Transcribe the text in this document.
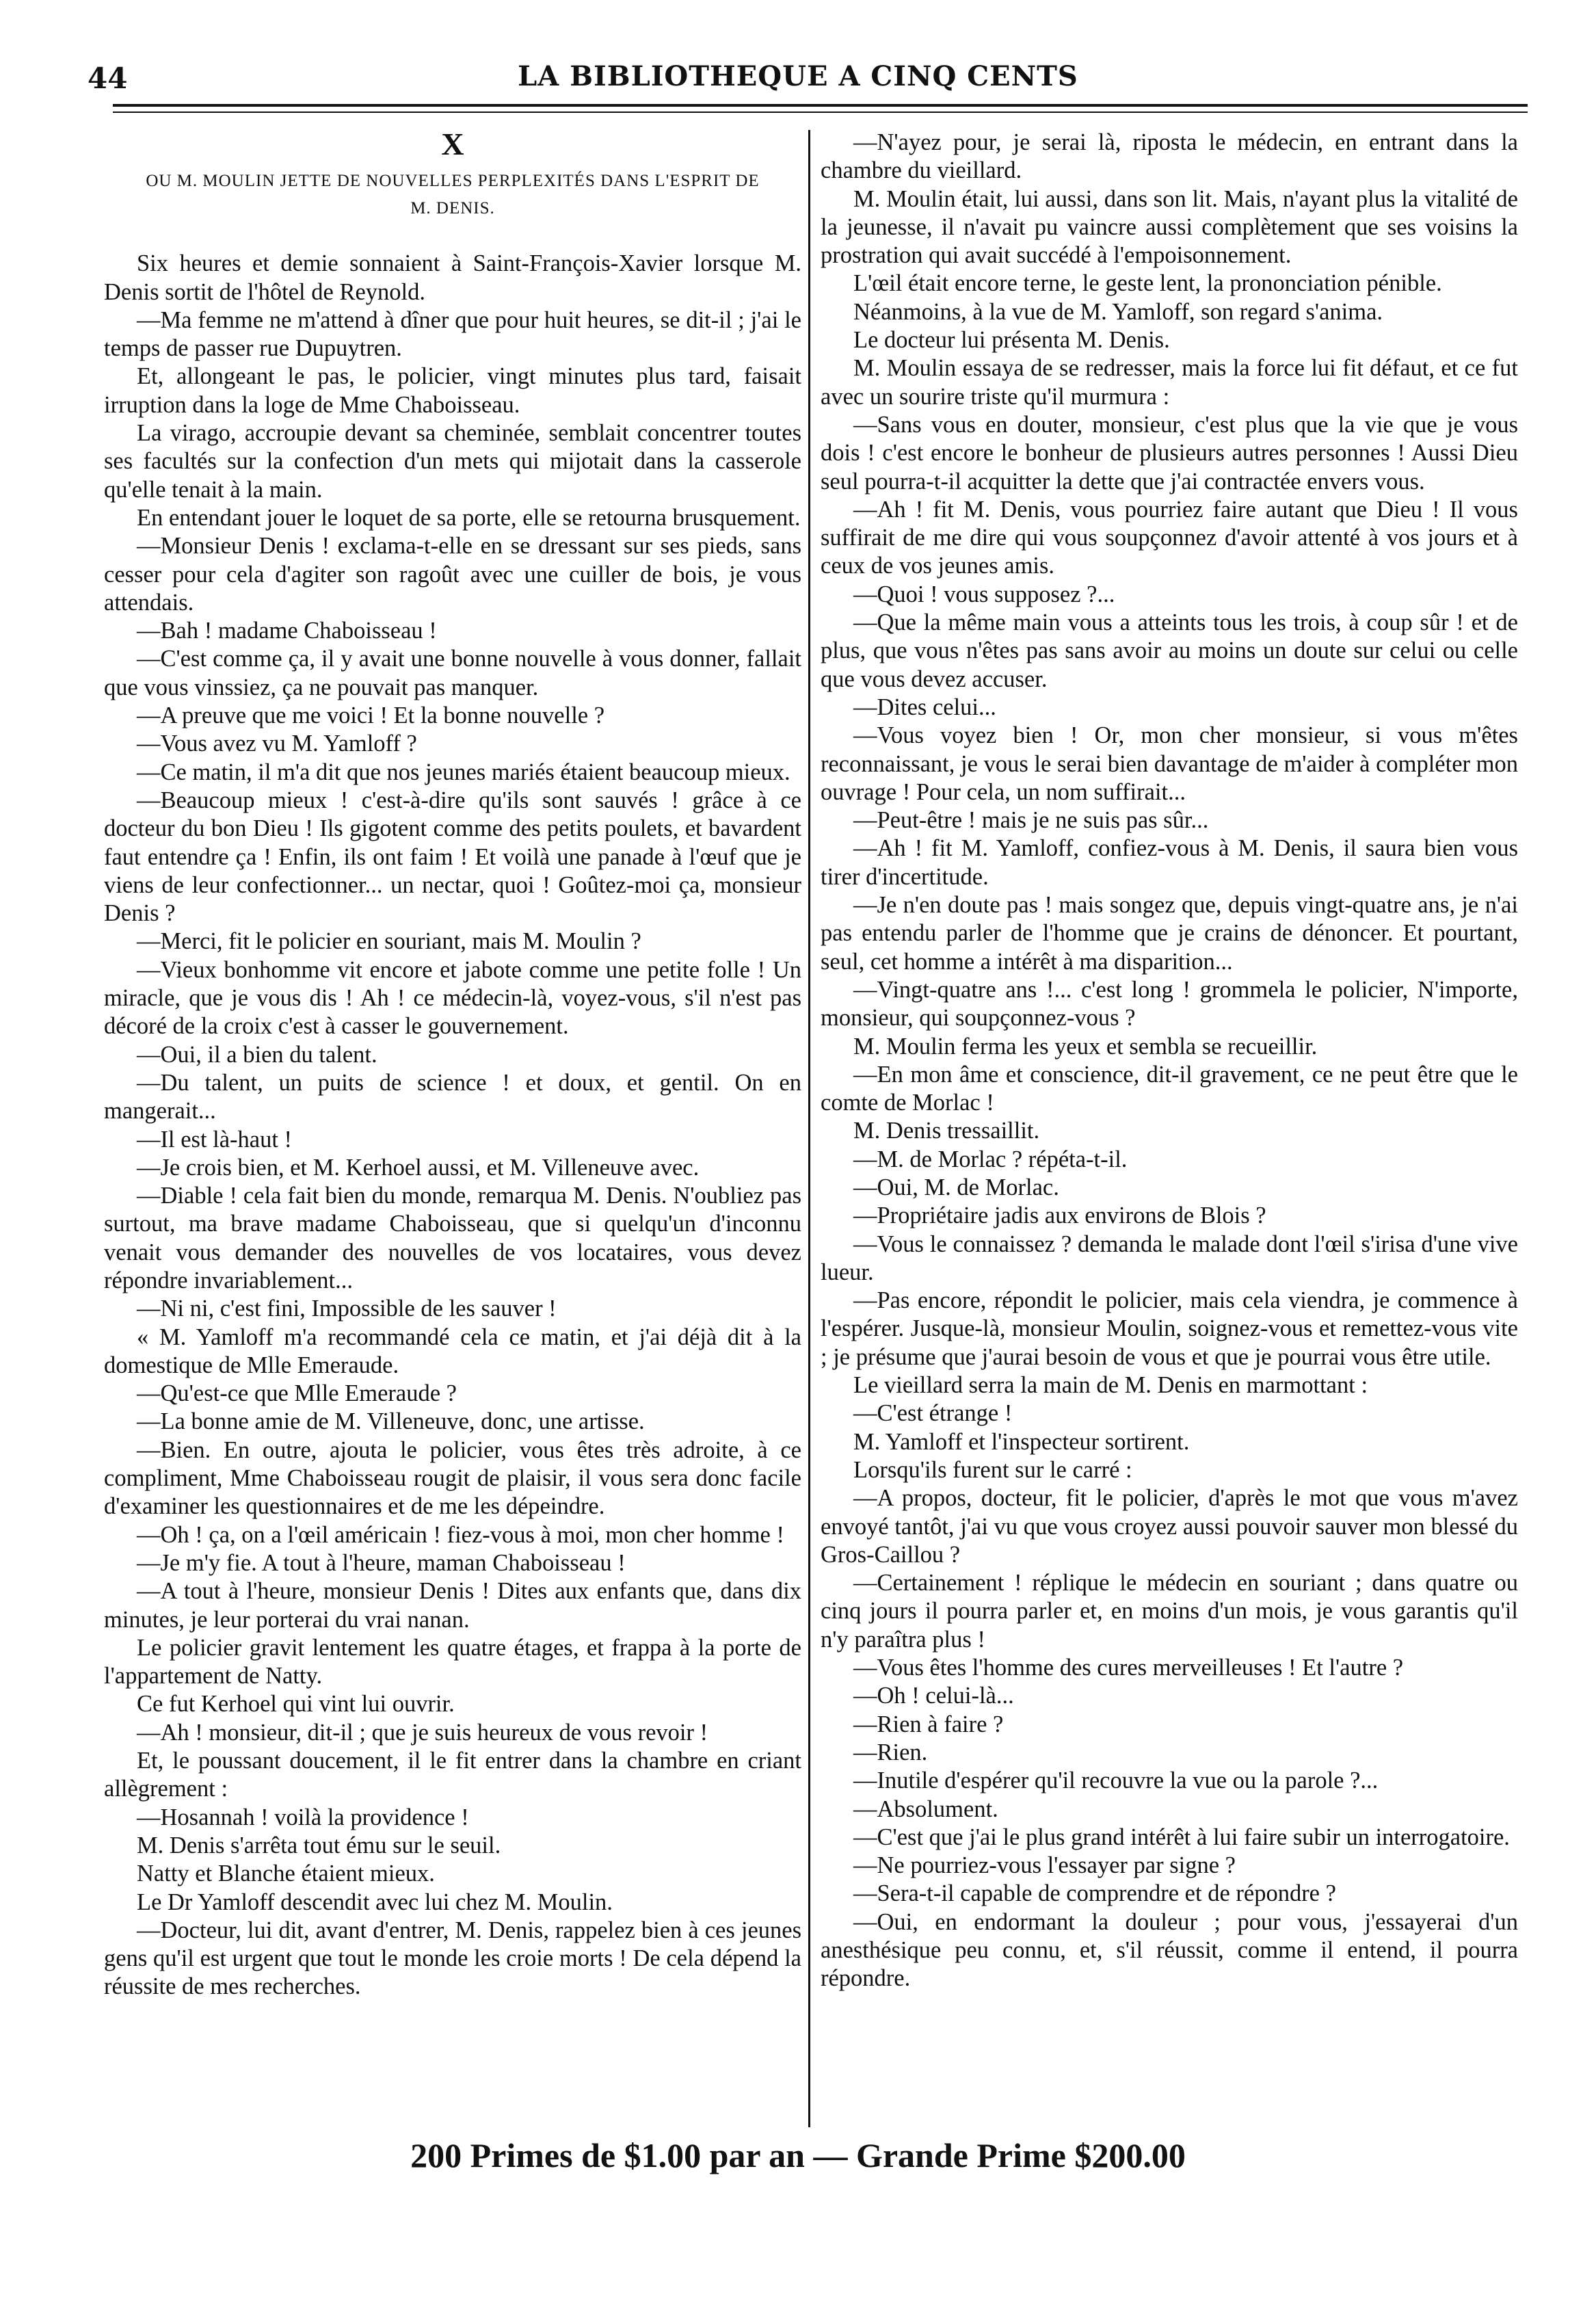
44	LA BIBLIOTHEQUE A CINQ CENTS
X
OU M. MOULIN JETTE DE NOUVELLES PERPLEXITÉS DANS L'ESPRIT DE M. DENIS.

Six heures et demie sonnaient à Saint-François-Xavier lorsque M. Denis sortit de l'hôtel de Reynold.

—Ma femme ne m'attend à dîner que pour huit heures, se dit-il ; j'ai le temps de passer rue Dupuytren.

Et, allongeant le pas, le policier, vingt minutes plus tard, faisait irruption dans la loge de Mme Chaboisseau.

La virago, accroupie devant sa cheminée, semblait concentrer toutes ses facultés sur la confection d'un mets qui mijotait dans la casserole qu'elle tenait à la main.

En entendant jouer le loquet de sa porte, elle se retourna brusquement.

—Monsieur Denis ! exclama-t-elle en se dressant sur ses pieds, sans cesser pour cela d'agiter son ragoût avec une cuiller de bois, je vous attendais.

—Bah ! madame Chaboisseau !

—C'est comme ça, il y avait une bonne nouvelle à vous donner, fallait que vous vinssiez, ça ne pouvait pas manquer.

—A preuve que me voici ! Et la bonne nouvelle ?

—Vous avez vu M. Yamloff ?

—Ce matin, il m'a dit que nos jeunes mariés étaient beaucoup mieux.

—Beaucoup mieux ! c'est-à-dire qu'ils sont sauvés ! grâce à ce docteur du bon Dieu ! Ils gigotent comme des petits poulets, et bavardent faut entendre ça ! Enfin, ils ont faim ! Et voilà une panade à l'œuf que je viens de leur confectionner... un nectar, quoi ! Goûtez-moi ça, monsieur Denis ?

—Merci, fit le policier en souriant, mais M. Moulin ?

—Vieux bonhomme vit encore et jabote comme une petite folle ! Un miracle, que je vous dis ! Ah ! ce médecin-là, voyez-vous, s'il n'est pas décoré de la croix c'est à casser le gouvernement.

—Oui, il a bien du talent.

—Du talent, un puits de science ! et doux, et gentil. On en mangerait...

—Il est là-haut !

—Je crois bien, et M. Kerhoel aussi, et M. Villeneuve avec.

—Diable ! cela fait bien du monde, remarqua M. Denis. N'oubliez pas surtout, ma brave madame Chaboisseau, que si quelqu'un d'inconnu venait vous demander des nouvelles de vos locataires, vous devez répondre invariablement...

—Ni ni, c'est fini, Impossible de les sauver !

« M. Yamloff m'a recommandé cela ce matin, et j'ai déjà dit à la domestique de Mlle Emeraude.

—Qu'est-ce que Mlle Emeraude ?

—La bonne amie de M. Villeneuve, donc, une artisse.

—Bien. En outre, ajouta le policier, vous êtes très adroite, à ce compliment, Mme Chaboisseau rougit de plaisir, il vous sera donc facile d'examiner les questionnaires et de me les dépeindre.

—Oh ! ça, on a l'œil américain ! fiez-vous à moi, mon cher homme !

—Je m'y fie. A tout à l'heure, maman Chaboisseau !

—A tout à l'heure, monsieur Denis ! Dites aux enfants que, dans dix minutes, je leur porterai du vrai nanan.

Le policier gravit lentement les quatre étages, et frappa à la porte de l'appartement de Natty.

Ce fut Kerhoel qui vint lui ouvrir.

—Ah ! monsieur, dit-il ; que je suis heureux de vous revoir !

Et, le poussant doucement, il le fit entrer dans la chambre en criant allègrement :

—Hosannah ! voilà la providence !

M. Denis s'arrêta tout ému sur le seuil.

Natty et Blanche étaient mieux.

Le Dr Yamloff descendit avec lui chez M. Moulin.

—Docteur, lui dit, avant d'entrer, M. Denis, rappelez bien à ces jeunes gens qu'il est urgent que tout le monde les croie morts ! De cela dépend la réussite de mes recherches.

—N'ayez pour, je serai là, riposta le médecin, en entrant dans la chambre du vieillard.

M. Moulin était, lui aussi, dans son lit. Mais, n'ayant plus la vitalité de la jeunesse, il n'avait pu vaincre aussi complètement que ses voisins la prostration qui avait succédé à l'empoisonnement.

L'œil était encore terne, le geste lent, la prononciation pénible.

Néanmoins, à la vue de M. Yamloff, son regard s'anima.

Le docteur lui présenta M. Denis.

M. Moulin essaya de se redresser, mais la force lui fit défaut, et ce fut avec un sourire triste qu'il murmura :

—Sans vous en douter, monsieur, c'est plus que la vie que je vous dois ! c'est encore le bonheur de plusieurs autres personnes ! Aussi Dieu seul pourra-t-il acquitter la dette que j'ai contractée envers vous.

—Ah ! fit M. Denis, vous pourriez faire autant que Dieu ! Il vous suffirait de me dire qui vous soupçonnez d'avoir attenté à vos jours et à ceux de vos jeunes amis.

—Quoi ! vous supposez ?...

—Que la même main vous a atteints tous les trois, à coup sûr ! et de plus, que vous n'êtes pas sans avoir au moins un doute sur celui ou celle que vous devez accuser.

—Dites celui...

—Vous voyez bien ! Or, mon cher monsieur, si vous m'êtes reconnaissant, je vous le serai bien davantage de m'aider à compléter mon ouvrage ! Pour cela, un nom suffirait...

—Peut-être ! mais je ne suis pas sûr...

—Ah ! fit M. Yamloff, confiez-vous à M. Denis, il saura bien vous tirer d'incertitude.

—Je n'en doute pas ! mais songez que, depuis vingt-quatre ans, je n'ai pas entendu parler de l'homme que je crains de dénoncer. Et pourtant, seul, cet homme a intérêt à ma disparition...

—Vingt-quatre ans !... c'est long ! grommela le policier, N'importe, monsieur, qui soupçonnez-vous ?

M. Moulin ferma les yeux et sembla se recueillir.

—En mon âme et conscience, dit-il gravement, ce ne peut être que le comte de Morlac !

M. Denis tressaillit.

—M. de Morlac ? répéta-t-il.

—Oui, M. de Morlac.

—Propriétaire jadis aux environs de Blois ?

—Vous le connaissez ? demanda le malade dont l'œil s'irisa d'une vive lueur.

—Pas encore, répondit le policier, mais cela viendra, je commence à l'espérer. Jusque-là, monsieur Moulin, soignez-vous et remettez-vous vite ; je présume que j'aurai besoin de vous et que je pourrai vous être utile.

Le vieillard serra la main de M. Denis en marmottant :

—C'est étrange !

M. Yamloff et l'inspecteur sortirent.

Lorsqu'ils furent sur le carré :

—A propos, docteur, fit le policier, d'après le mot que vous m'avez envoyé tantôt, j'ai vu que vous croyez aussi pouvoir sauver mon blessé du Gros-Caillou ?

—Certainement ! réplique le médecin en souriant ; dans quatre ou cinq jours il pourra parler et, en moins d'un mois, je vous garantis qu'il n'y paraîtra plus !

—Vous êtes l'homme des cures merveilleuses ! Et l'autre ?

—Oh ! celui-là...

—Rien à faire ?

—Rien.

—Inutile d'espérer qu'il recouvre la vue ou la parole ?...

—Absolument.

—C'est que j'ai le plus grand intérêt à lui faire subir un interrogatoire.

—Ne pourriez-vous l'essayer par signe ?

—Sera-t-il capable de comprendre et de répondre ?

—Oui, en endormant la douleur ; pour vous, j'essayerai d'un anesthésique peu connu, et, s'il réussit, comme il entend, il pourra répondre.

200 Primes de $1.00 par an — Grande Prime $200.00
